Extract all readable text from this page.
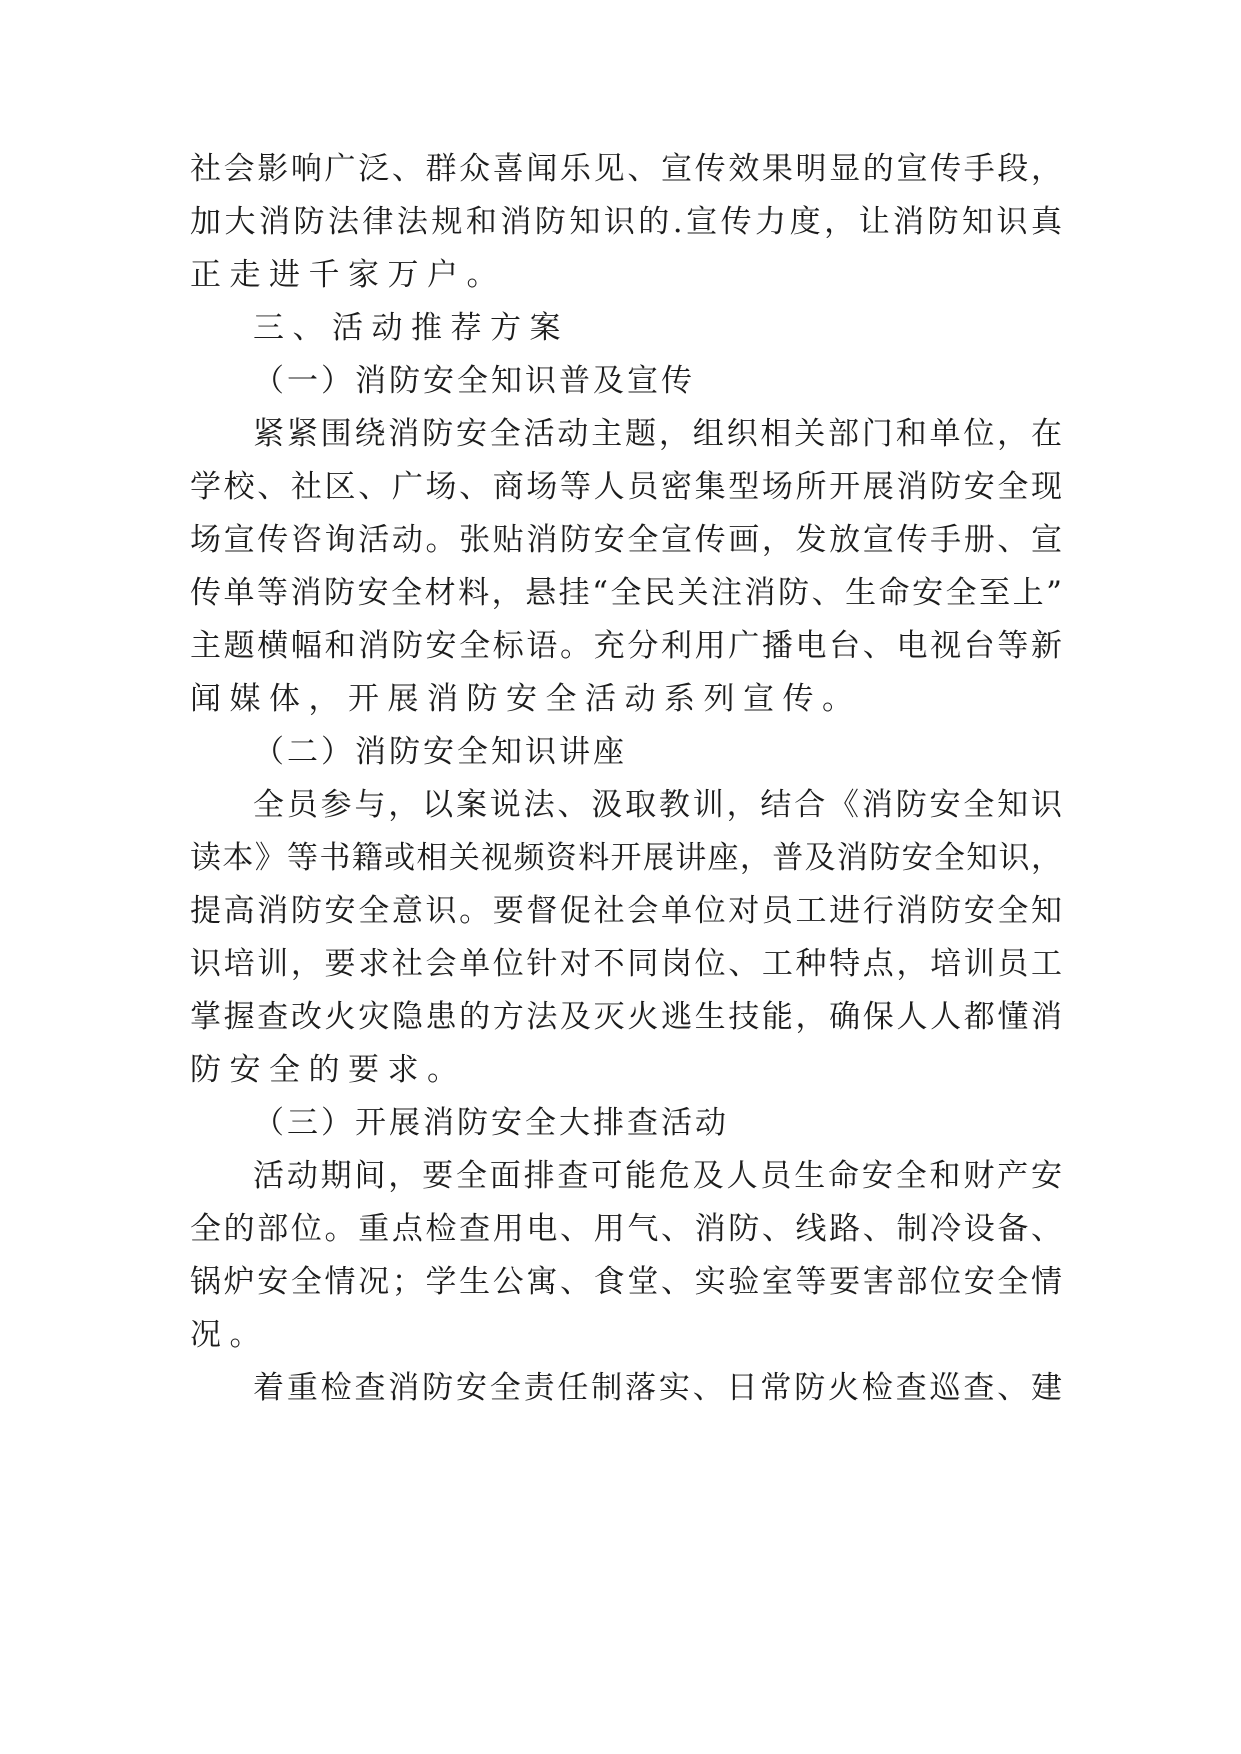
社会影响广泛、群众喜闻乐见、宣传效果明显的宣传手段，
加大消防法律法规和消防知识的.宣传力度，让消防知识真
正走进千家万户。
三、活动推荐方案
（一）消防安全知识普及宣传
紧紧围绕消防安全活动主题，组织相关部门和单位，在
学校、社区、广场、商场等人员密集型场所开展消防安全现
场宣传咨询活动。张贴消防安全宣传画，发放宣传手册、宣
传单等消防安全材料，悬挂“全民关注消防、生命安全至上”
主题横幅和消防安全标语。充分利用广播电台、电视台等新
闻媒体，开展消防安全活动系列宣传。
（二）消防安全知识讲座
全员参与，以案说法、汲取教训，结合《消防安全知识
读本》等书籍或相关视频资料开展讲座，普及消防安全知识，
提高消防安全意识。要督促社会单位对员工进行消防安全知
识培训，要求社会单位针对不同岗位、工种特点，培训员工
掌握查改火灾隐患的方法及灭火逃生技能，确保人人都懂消
防安全的要求。
（三）开展消防安全大排查活动
活动期间，要全面排查可能危及人员生命安全和财产安
全的部位。重点检查用电、用气、消防、线路、制冷设备、
锅炉安全情况；学生公寓、食堂、实验室等要害部位安全情
况。
着重检查消防安全责任制落实、日常防火检查巡查、建
